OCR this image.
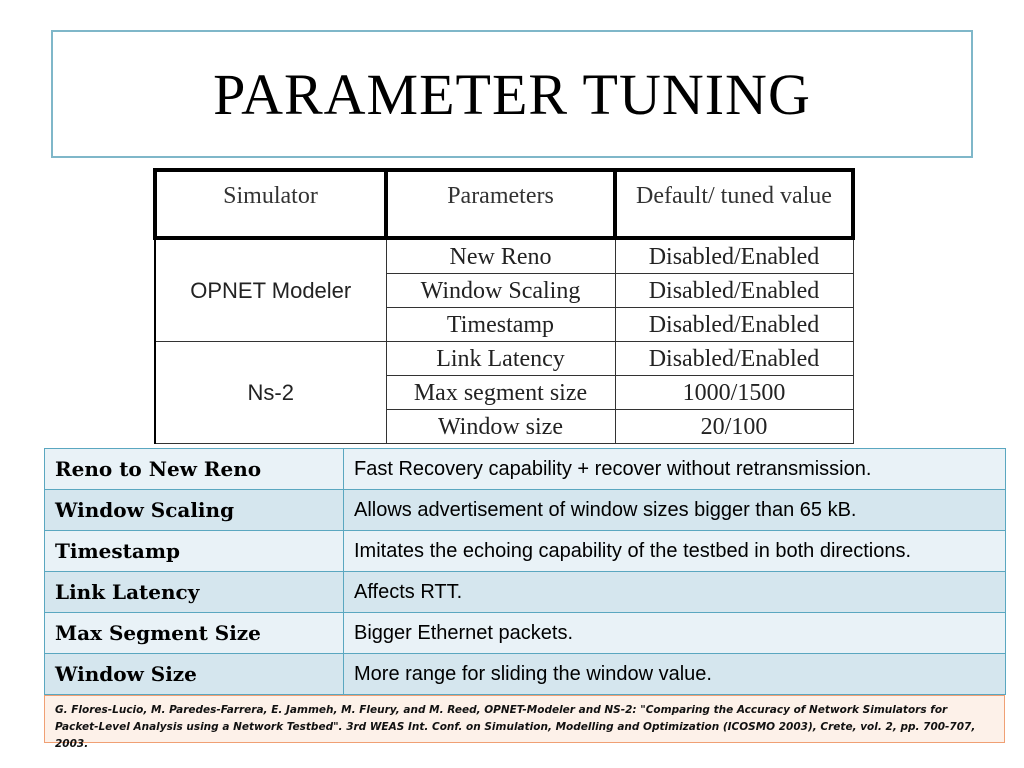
PARAMETER TUNING
Simulator	Parameters	Default/ tuned value
OPNET Modeler	New Reno	Disabled/Enabled
	Window Scaling	Disabled/Enabled
	Timestamp	Disabled/Enabled
Ns-2	Link Latency	Disabled/Enabled
	Max segment size	1000/1500
	Window size	20/100
Reno to New Reno	Fast Recovery capability + recover without retransmission.
Window Scaling	Allows advertisement of window sizes bigger than 65 kB.
Timestamp	Imitates the echoing capability of the testbed in both directions.
Link Latency	Affects RTT.
Max Segment Size	Bigger Ethernet packets.
Window Size	More range for sliding the window value.
G. Flores-Lucio, M. Paredes-Farrera, E. Jammeh, M. Fleury, and M. Reed, OPNET-Modeler and NS-2: "Comparing the Accuracy of Network Simulators for Packet-Level Analysis using a Network Testbed". 3rd WEAS Int. Conf. on Simulation, Modelling and Optimization (ICOSMO 2003), Crete, vol. 2, pp. 700-707, 2003.
